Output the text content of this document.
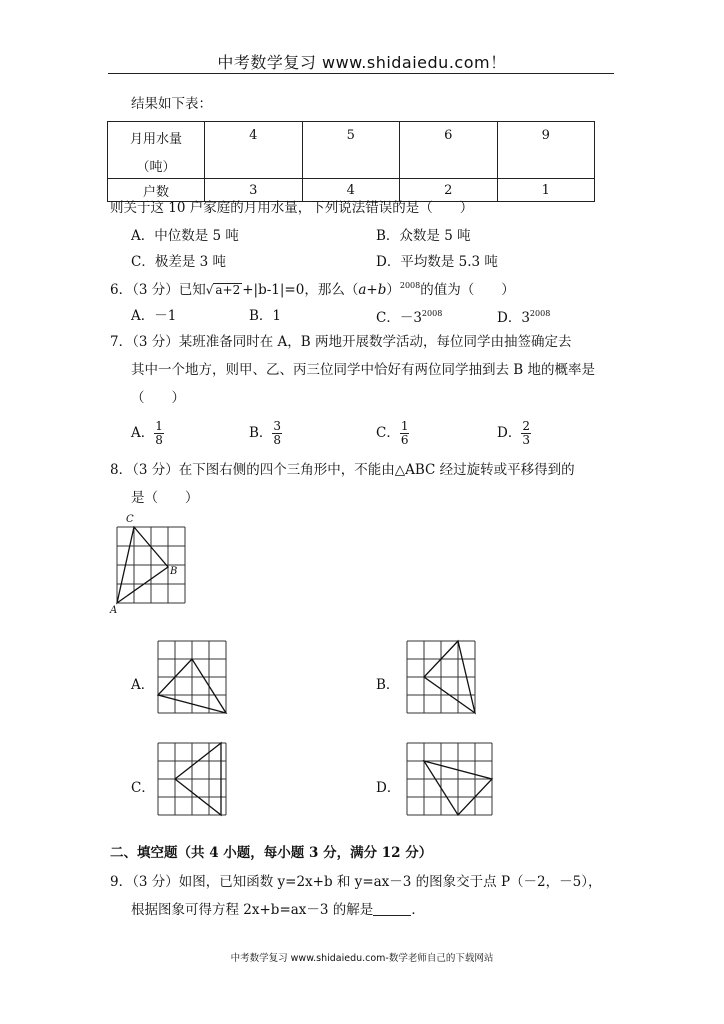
中考数学复习 www.shidaiedu.com！
结果如下表：
月用水量
（吨）	4	5	6	9
户数	3	4	2	1
则关于这 10 户家庭的月用水量，下列说法错误的是（　　）
A．中位数是 5 吨	B．众数是 5 吨
C．极差是 3 吨	D．平均数是 5.3 吨
6．（3 分）已知√ a+2 +|b-1|=0，那么$(a+b)^{2008}$的值为（　　）
A．－1	B．1	C．$-3^{2008}$	D．$3^{2008}$
7．（3 分）某班准备同时在 A，B 两地开展数学活动，每位同学由抽签确定去
其中一个地方，则甲、乙、丙三位同学中恰好有两位同学抽到去 B 地的概率是
（　　）
A． $\frac{1}{8}$	B． $\frac{3}{8}$	C． $\frac{1}{6}$	D． $\frac{2}{3}$
8．（3 分）在下图右侧的四个三角形中，不能由△ABC 经过旋转或平移得到的
是（　　）
C
B
A
A．	B．
C．	D．
二、填空题（共 4 小题，每小题 3 分，满分 12 分）
9．（3 分）如图，已知函数 y=2x+b 和 y=ax－3 的图象交于点 P（－2，－5），
根据图象可得方程 2x+b=ax－3 的解是	．
中考数学复习 www.shidaiedu.com-数学老师自己的下载网站
